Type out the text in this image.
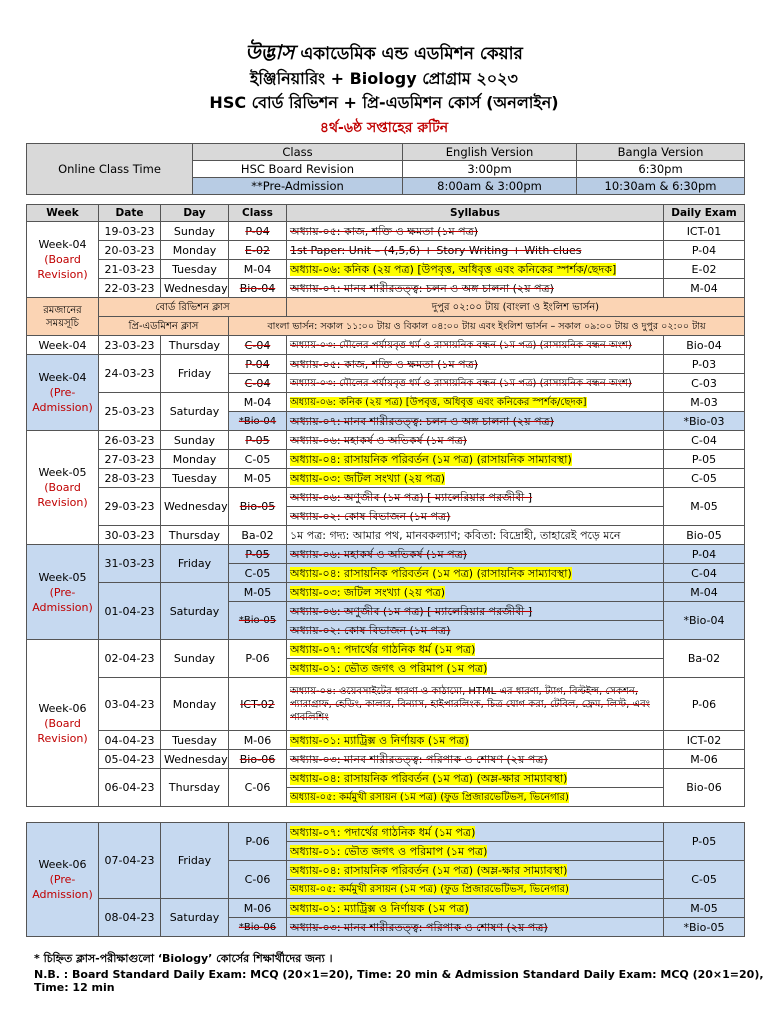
উদ্ভাস একাডেমিক এন্ড এডমিশন কেয়ার
ইঞ্জিনিয়ারিং + Biology প্রোগ্রাম ২০২৩
HSC বোর্ড রিভিশন + প্রি-এডমিশন কোর্স (অনলাইন)
৪র্থ-৬ষ্ঠ সপ্তাহের রুটিন
Online Class Time	Class	English Version	Bangla Version
	HSC Board Revision	3:00pm	6:30pm
	**Pre-Admission	8:00am & 3:00pm	10:30am & 6:30pm
Week	Date	Day	Class	Syllabus	Daily Exam
Week-04
(Board
Revision)	19-03-23	Sunday	P-04	অধ্যায়-০৫: কাজ, শক্তি ও ক্ষমতা (১ম পত্র)	ICT-01
	20-03-23	Monday	E-02	1st Paper: Unit – (4,5,6) + Story Writing + With clues	P-04
	21-03-23	Tuesday	M-04	অধ্যায়-০৬: কনিক (২য় পত্র) [উপবৃত্ত, অধিবৃত্ত এবং কনিকের স্পর্শক/ছেদক]	E-02
	22-03-23	Wednesday	Bio-04	অধ্যায়-০৭: মানব শারীরতত্ত্ব: চলন ও অঙ্গ চালনা (২য় পত্র)	M-04
রমজানের
সময়সূচি	বোর্ড রিভিশন ক্লাস			দুপুর ০২:০০ টায় (বাংলা ও ইংলিশ ভার্সন)	
	প্রি-এডমিশন ক্লাস		বাংলা ভার্সন: সকাল ১১:০০ টায় ও বিকাল ০৪:০০ টায় এবং ইংলিশ ভার্সন – সকাল ০৯:০০ টায় ও দুপুর ০২:০০ টায়		
Week-04	23-03-23	Thursday	C-04	অধ্যায়-০৩: মৌলের পর্যায়বৃত্ত ধর্ম ও রাসায়নিক বন্ধন (১ম পত্র) (রাসায়নিক বন্ধন অংশ)	Bio-04
Week-04
(Pre-
Admission)	24-03-23	Friday	P-04	অধ্যায়-০৫: কাজ, শক্তি ও ক্ষমতা (১ম পত্র)	P-03
			C-04	অধ্যায়-০৩: মৌলের পর্যায়বৃত্ত ধর্ম ও রাসায়নিক বন্ধন (১ম পত্র) (রাসায়নিক বন্ধন অংশ)	C-03
	25-03-23	Saturday	M-04	অধ্যায়-০৬: কনিক (২য় পত্র) [উপবৃত্ত, অধিবৃত্ত এবং কনিকের স্পর্শক/ছেদক]	M-03
			*Bio-04	অধ্যায়-০৭: মানব শারীরতত্ত্ব: চলন ও অঙ্গ চালনা (২য় পত্র)	*Bio-03
Week-05
(Board
Revision)	26-03-23	Sunday	P-05	অধ্যায়-০৬: মহাকর্ষ ও অভিকর্ষ (১ম পত্র)	C-04
	27-03-23	Monday	C-05	অধ্যায়-০৪: রাসায়নিক পরিবর্তন (১ম পত্র) (রাসায়নিক সাম্যাবস্থা)	P-05
	28-03-23	Tuesday	M-05	অধ্যায়-০৩: জটিল সংখ্যা (২য় পত্র)	C-05
	29-03-23	Wednesday	Bio-05	অধ্যায়-০৬: অণুজীব (১ম পত্র) [ ম্যালেরিয়ার পরজীবী ]	M-05
				অধ্যায়-০২: কোষ বিভাজন (১ম পত্র)	
	30-03-23	Thursday	Ba-02	১ম পত্র: গদ্য: আমার পথ, মানবকল্যাণ; কবিতা: বিদ্রোহী, তাহারেই পড়ে মনে	Bio-05
Week-05
(Pre-
Admission)	31-03-23	Friday	P-05	অধ্যায়-০৬: মহাকর্ষ ও অভিকর্ষ (১ম পত্র)	P-04
			C-05	অধ্যায়-০৪: রাসায়নিক পরিবর্তন (১ম পত্র) (রাসায়নিক সাম্যাবস্থা)	C-04
	01-04-23	Saturday	M-05	অধ্যায়-০৩: জটিল সংখ্যা (২য় পত্র)	M-04
			*Bio-05	অধ্যায়-০৬: অণুজীব (১ম পত্র) [ ম্যালেরিয়ার পরজীবী ]	*Bio-04
				অধ্যায়-০২: কোষ বিভাজন (১ম পত্র)	
Week-06
(Board
Revision)	02-04-23	Sunday	P-06	অধ্যায়-০৭: পদার্থের গাঠনিক ধর্ম (১ম পত্র)	Ba-02
				অধ্যায়-০১: ভৌত জগৎ ও পরিমাপ (১ম পত্র)	
	03-04-23	Monday	ICT-02	অধ্যায়-০৪: ওয়েবসাইটের ধারণা ও কাঠামো, HTML এর ধারণা, ট্যাগ, বিল্টইন্স, সেকশন, প্যারাগ্রাফ, হেডিং, কালার, বিন্যাস, হাইপারলিংক, চিত্র যোগ করা, টেবিল, ফ্রেম, লিস্ট, এবং পাবলিশিং	P-06
	04-04-23	Tuesday	M-06	অধ্যায়-০১: ম্যাট্রিক্স ও নির্ণায়ক (১ম পত্র)	ICT-02
	05-04-23	Wednesday	Bio-06	অধ্যায়-০৩: মানব শারীরতত্ত্ব: পরিপাক ও শোষণ (২য় পত্র)	M-06
	06-04-23	Thursday	C-06	অধ্যায়-০৪: রাসায়নিক পরিবর্তন (১ম পত্র) (অম্ল-ক্ষার সাম্যাবস্থা)	Bio-06
				অধ্যায়-০৫: কর্মমুখী রসায়ন (১ম পত্র) (ফুড প্রিজারভেটিভস, ভিনেগার)	
Week-06
(Pre-
Admission)	07-04-23	Friday	P-06	অধ্যায়-০৭: পদার্থের গাঠনিক ধর্ম (১ম পত্র)	P-05
				অধ্যায়-০১: ভৌত জগৎ ও পরিমাপ (১ম পত্র)	
			C-06	অধ্যায়-০৪: রাসায়নিক পরিবর্তন (১ম পত্র) (অম্ল-ক্ষার সাম্যাবস্থা)	C-05
				অধ্যায়-০৫: কর্মমুখী রসায়ন (১ম পত্র) (ফুড প্রিজারভেটিভস, ভিনেগার)	
	08-04-23	Saturday	M-06	অধ্যায়-০১: ম্যাট্রিক্স ও নির্ণায়ক (১ম পত্র)	M-05
			*Bio-06	অধ্যায়-০৩: মানব শারীরতত্ত্ব: পরিপাক ও শোষণ (২য় পত্র)	*Bio-05
* চিহ্নিত ক্লাস-পরীক্ষাগুলো ‘Biology’ কোর্সের শিক্ষার্থীদের জন্য ।
N.B. : Board Standard Daily Exam: MCQ (20×1=20), Time: 20 min & Admission Standard Daily Exam: MCQ (20×1=20), Time: 12 min
